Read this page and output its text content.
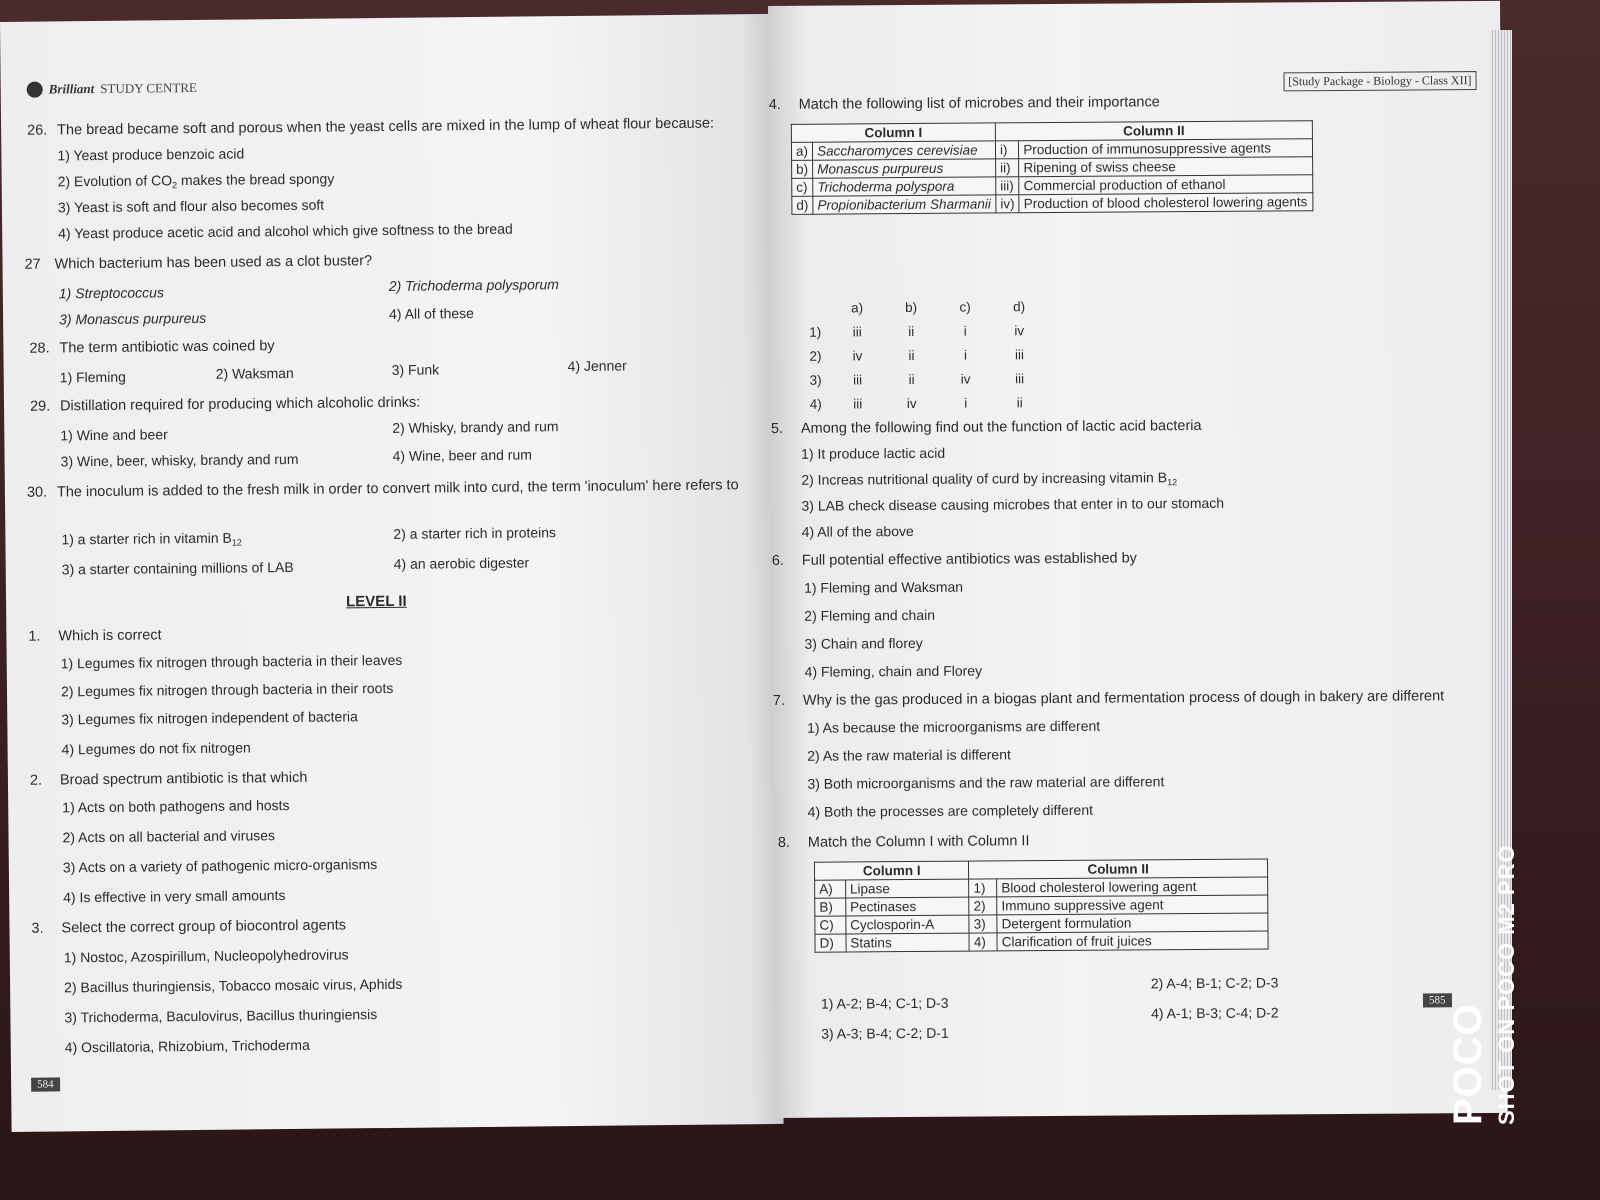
Brilliant STUDY CENTRE
26. The bread became soft and porous when the yeast cells are mixed in the lump of wheat flour because:
1) Yeast produce benzoic acid
2) Evolution of $CO_2$ makes the bread spongy
3) Yeast is soft and flour also becomes soft
4) Yeast produce acetic acid and alcohol which give softness to the bread
27 Which bacterium has been used as a clot buster?
1) Streptococcus	2) Trichoderma polysporum
3) Monascus purpureus	4) All of these
28. The term antibiotic was coined by
1) Fleming	2) Waksman	3) Funk	4) Jenner
29. Distillation required for producing which alcoholic drinks:
1) Wine and beer	2) Whisky, brandy and rum
3) Wine, beer, whisky, brandy and rum	4) Wine, beer and rum
30. The inoculum is added to the fresh milk in order to convert milk into curd, the term 'inoculum' here refers to
1) a starter rich in vitamin $B_{12}$
2) a starter rich in proteins
3) a starter containing millions of LAB	4) an aerobic digester
LEVEL II
1. Which is correct
1) Legumes fix nitrogen through bacteria in their leaves
2) Legumes fix nitrogen through bacteria in their roots
3) Legumes fix nitrogen independent of bacteria
4) Legumes do not fix nitrogen
2. Broad spectrum antibiotic is that which
1) Acts on both pathogens and hosts
2) Acts on all bacterial and viruses
3) Acts on a variety of pathogenic micro-organisms
4) Is effective in very small amounts
3. Select the correct group of biocontrol agents
1) Nostoc, Azospirillum, Nucleopolyhedrovirus
2) Bacillus thuringiensis, Tobacco mosaic virus, Aphids
3) Trichoderma, Baculovirus, Bacillus thuringiensis
4) Oscillatoria, Rhizobium, Trichoderma
584
[Study Package - Biology - Class XII]
4. Match the following list of microbes and their importance
Column I		Column II	
a)	Saccharomyces cerevisiae	i)	Production of immunosuppressive agents
b)	Monascus purpureus	ii)	Ripening of swiss cheese
c)	Trichoderma polyspora	iii)	Commercial production of ethanol
d)	Propionibacterium Sharmanii	iv)	Production of blood cholesterol lowering agents
a)	b)	c)	d)
1)	iii	ii	i	iv
2)	iv	ii	i	iii
3)	iii	ii	iv	iii
4)	iii	iv	i	ii
5. Among the following find out the function of lactic acid bacteria
1) It produce lactic acid
2) Increas nutritional quality of curd by increasing vitamin $B_{12}$
3) LAB check disease causing microbes that enter in to our stomach
4) All of the above
6. Full potential effective antibiotics was established by
1) Fleming and Waksman
2) Fleming and chain
3) Chain and florey
4) Fleming, chain and Florey
7. Why is the gas produced in a biogas plant and fermentation process of dough in bakery are different
1) As because the microorganisms are different
2) As the raw material is different
3) Both microorganisms and the raw material are different
4) Both the processes are completely different
8. Match the Column I with Column II
Column I		Column II	
A)	Lipase	1)	Blood cholesterol lowering agent
B)	Pectinases	2)	Immuno suppressive agent
C)	Cyclosporin-A	3)	Detergent formulation
D)	Statins	4)	Clarification of fruit juices
1) A-2; B-4; C-1; D-3
2) A-4; B-1; C-2; D-3
3) A-3; B-4; C-2; D-1
4) A-1; B-3; C-4; D-2
585
POCO SHOT ON POCO M2 PRO
